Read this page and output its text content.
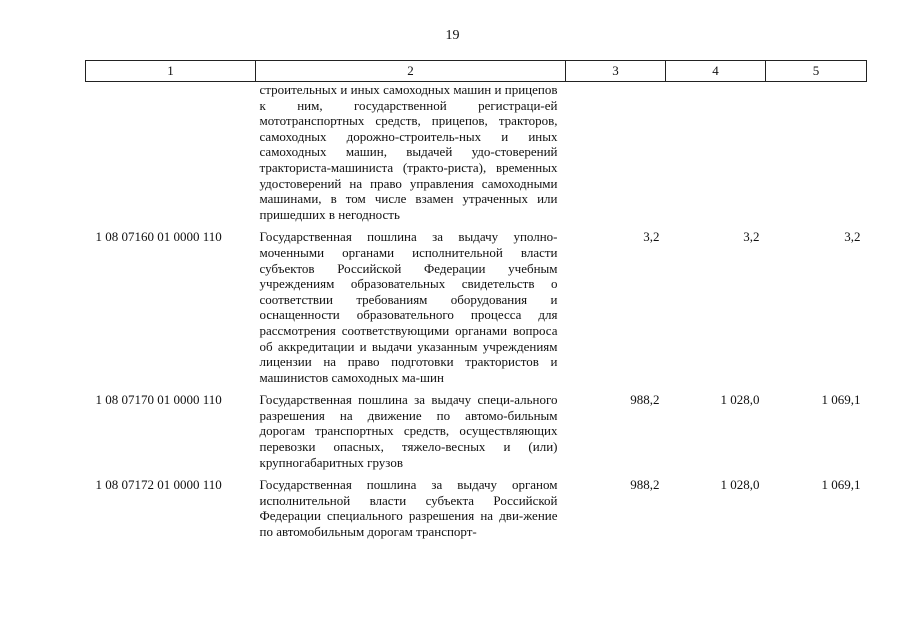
19
1	2	3	4	5
	строительных и иных самоходных машин и прицепов к ним, государственной регистраци-ей мототранспортных средств, прицепов, тракторов, самоходных дорожно-строитель-ных и иных самоходных машин, выдачей удо-стоверений тракториста-машиниста (тракто-риста), временных удостоверений на право управления самоходными машинами, в том числе взамен утраченных или пришедших в негодность			
1 08 07160 01 0000 110	Государственная пошлина за выдачу уполно-моченными органами исполнительной власти субъектов Российской Федерации учебным учреждениям образовательных свидетельств о соответствии требованиям оборудования и оснащенности образовательного процесса для рассмотрения соответствующими органами вопроса об аккредитации и выдачи указанным учреждениям лицензии на право подготовки трактористов и машинистов самоходных ма-шин	3,2	3,2	3,2
1 08 07170 01 0000 110	Государственная пошлина за выдачу специ-ального разрешения на движение по автомо-бильным дорогам транспортных средств, осуществляющих перевозки опасных, тяжело-весных и (или) крупногабаритных грузов	988,2	1 028,0	1 069,1
1 08 07172 01 0000 110	Государственная пошлина за выдачу органом исполнительной власти субъекта Российской Федерации специального разрешения на дви-жение по автомобильным дорогам транспорт-	988,2	1 028,0	1 069,1
